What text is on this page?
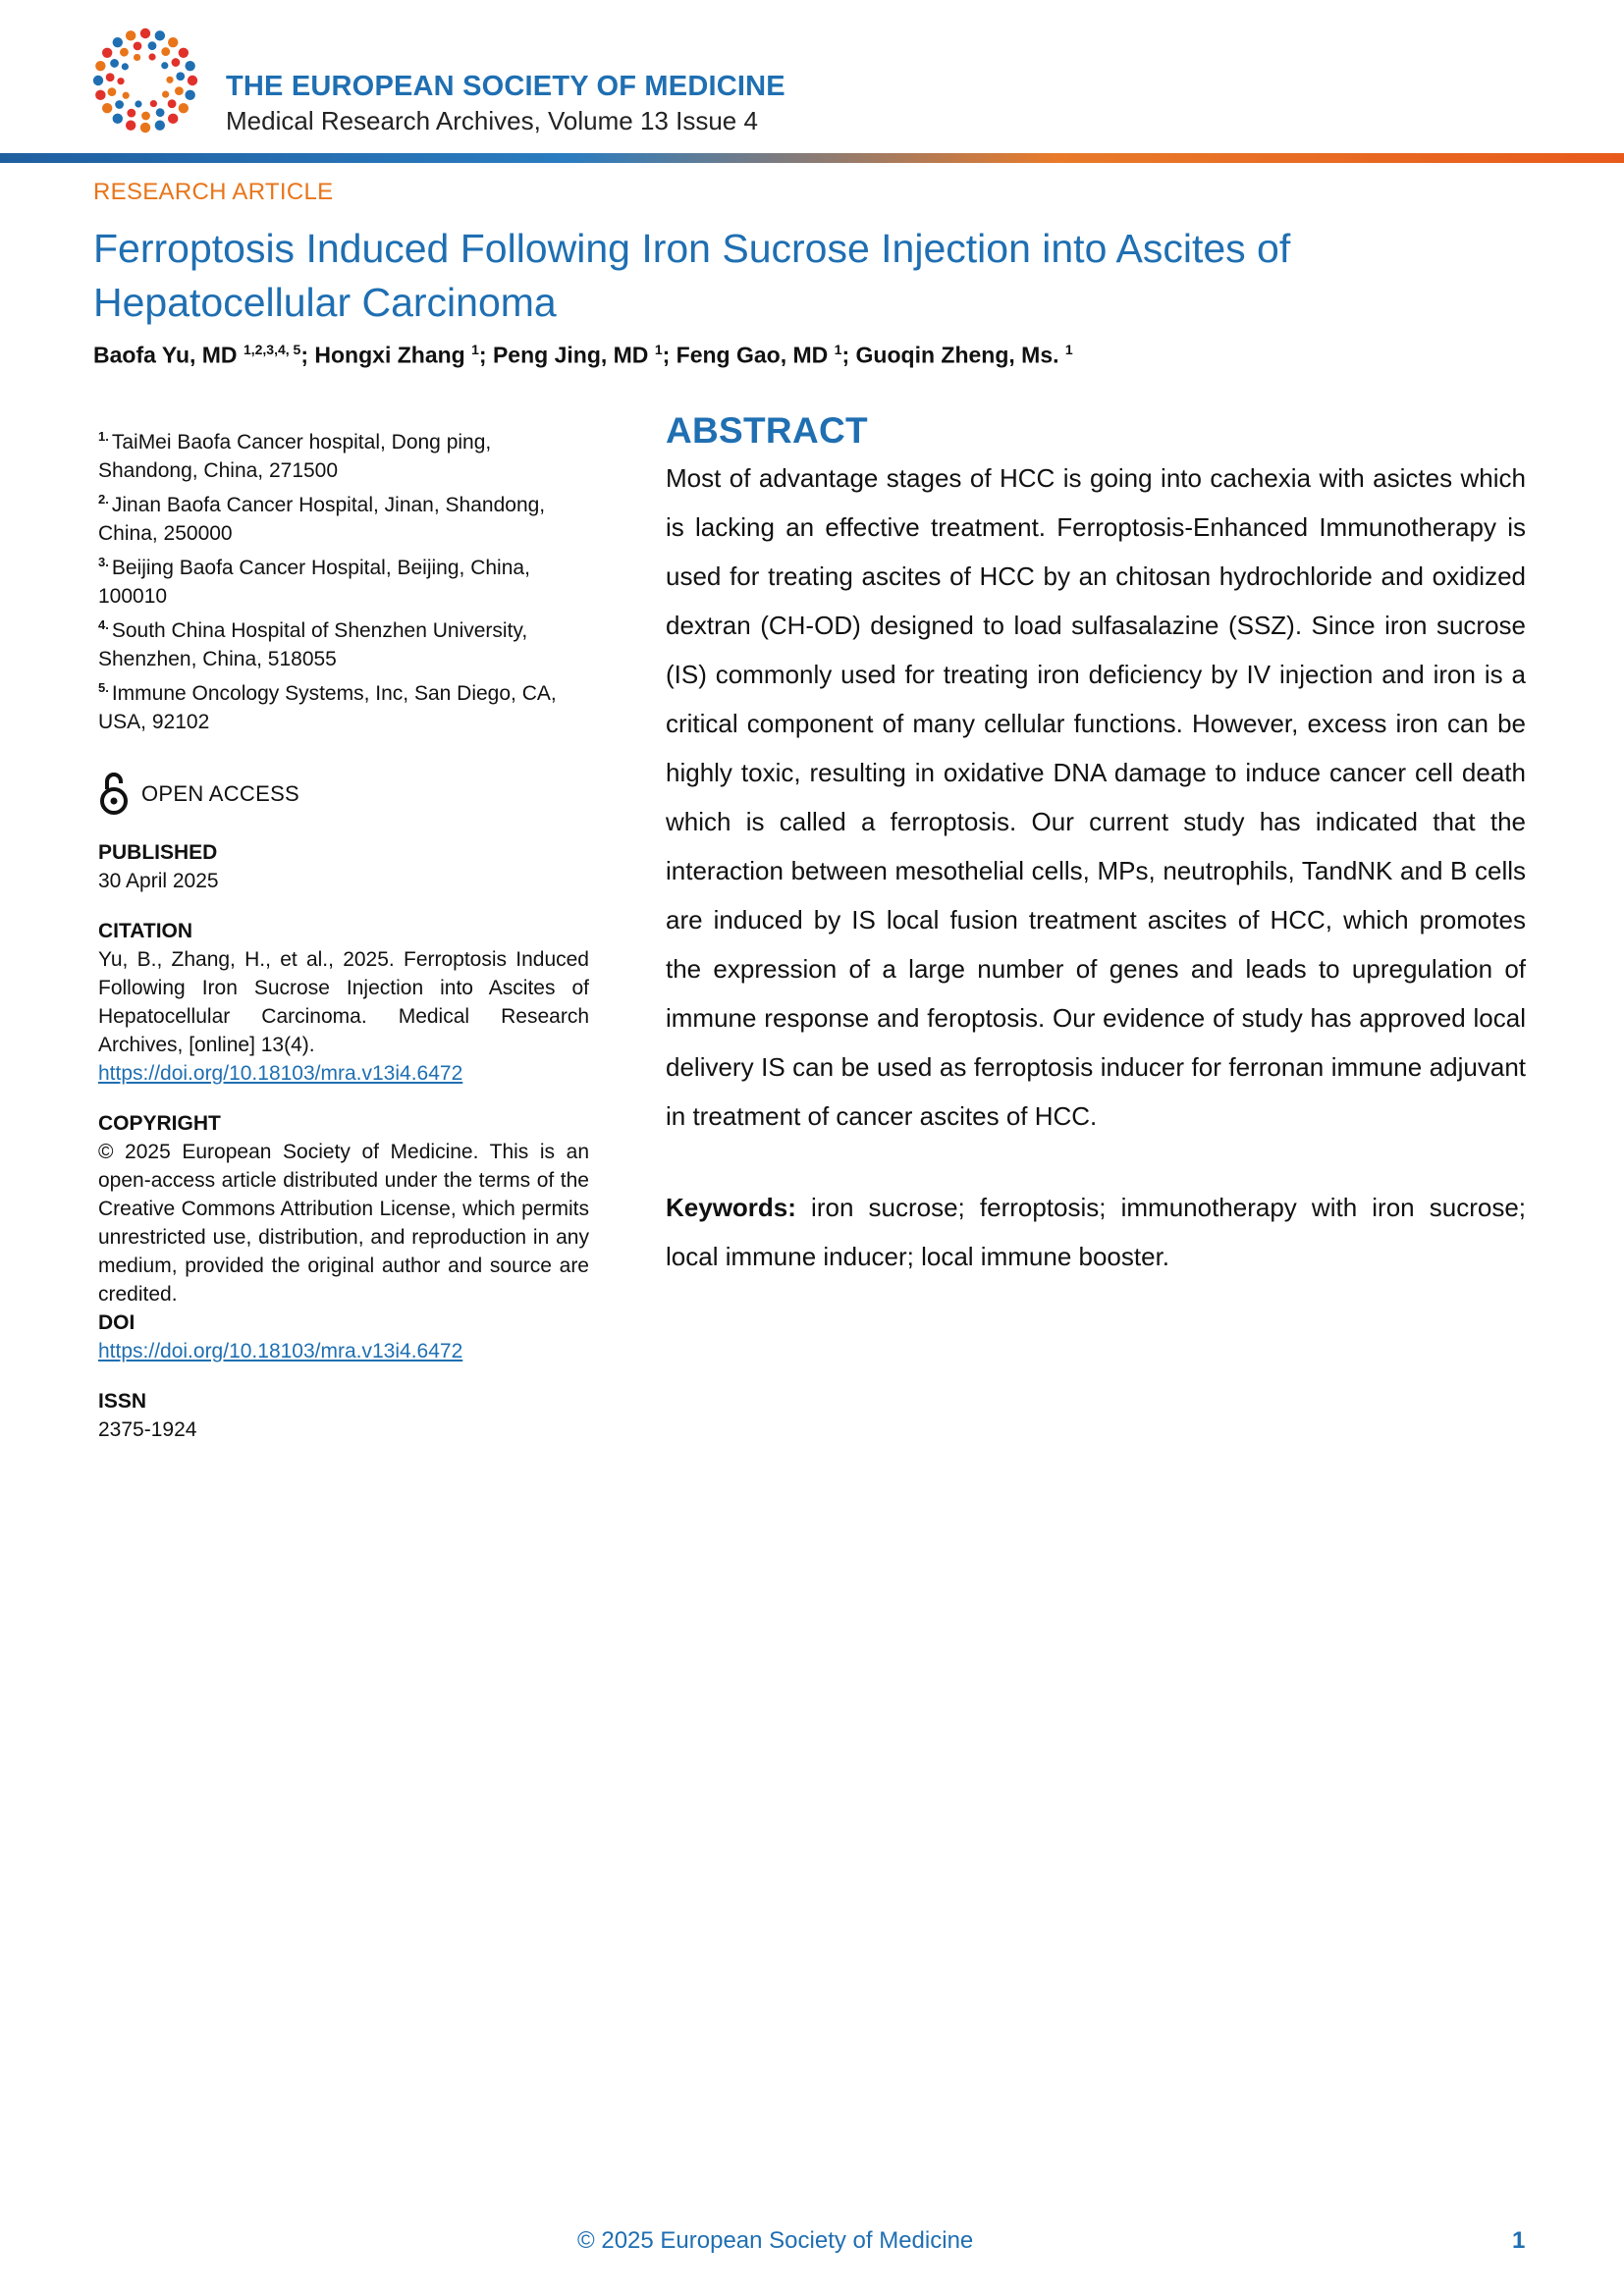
THE EUROPEAN SOCIETY OF MEDICINE
Medical Research Archives, Volume 13 Issue 4
RESEARCH ARTICLE
Ferroptosis Induced Following Iron Sucrose Injection into Ascites of Hepatocellular Carcinoma
Baofa Yu, MD $^{1,2,3,4, 5}$; Hongxi Zhang $^1$; Peng Jing, MD $^1$; Feng Gao, MD $^1$; Guoqin Zheng, Ms. $^1$
$^{1.}$ TaiMei Baofa Cancer hospital, Dong ping, Shandong, China, 271500
$^{2.}$ Jinan Baofa Cancer Hospital, Jinan, Shandong, China, 250000
$^{3.}$ Beijing Baofa Cancer Hospital, Beijing, China, 100010
$^{4.}$ South China Hospital of Shenzhen University, Shenzhen, China, 518055
$^{5.}$ Immune Oncology Systems, Inc, San Diego, CA, USA, 92102
OPEN ACCESS
PUBLISHED
30 April 2025
CITATION
Yu, B., Zhang, H., et al., 2025. Ferroptosis Induced Following Iron Sucrose Injection into Ascites of Hepatocellular Carcinoma. Medical Research Archives, [online] 13(4).
https://doi.org/10.18103/mra.v13i4.6472
COPYRIGHT
© 2025 European Society of Medicine. This is an open-access article distributed under the terms of the Creative Commons Attribution License, which permits unrestricted use, distribution, and reproduction in any medium, provided the original author and source are credited.
DOI
https://doi.org/10.18103/mra.v13i4.6472
ISSN
2375-1924
ABSTRACT
Most of advantage stages of HCC is going into cachexia with asictes which is lacking an effective treatment. Ferroptosis-Enhanced Immunotherapy is used for treating ascites of HCC by an chitosan hydrochloride and oxidized dextran (CH-OD) designed to load sulfasalazine (SSZ). Since iron sucrose (IS) commonly used for treating iron deficiency by IV injection and iron is a critical component of many cellular functions. However, excess iron can be highly toxic, resulting in oxidative DNA damage to induce cancer cell death which is called a ferroptosis. Our current study has indicated that the interaction between mesothelial cells, MPs, neutrophils, TandNK and B cells are induced by IS local fusion treatment ascites of HCC, which promotes the expression of a large number of genes and leads to upregulation of immune response and feroptosis. Our evidence of study has approved local delivery IS can be used as ferroptosis inducer for ferronan immune adjuvant in treatment of cancer ascites of HCC.
Keywords: iron sucrose; ferroptosis; immunotherapy with iron sucrose; local immune inducer; local immune booster.
© 2025 European Society of Medicine	1
